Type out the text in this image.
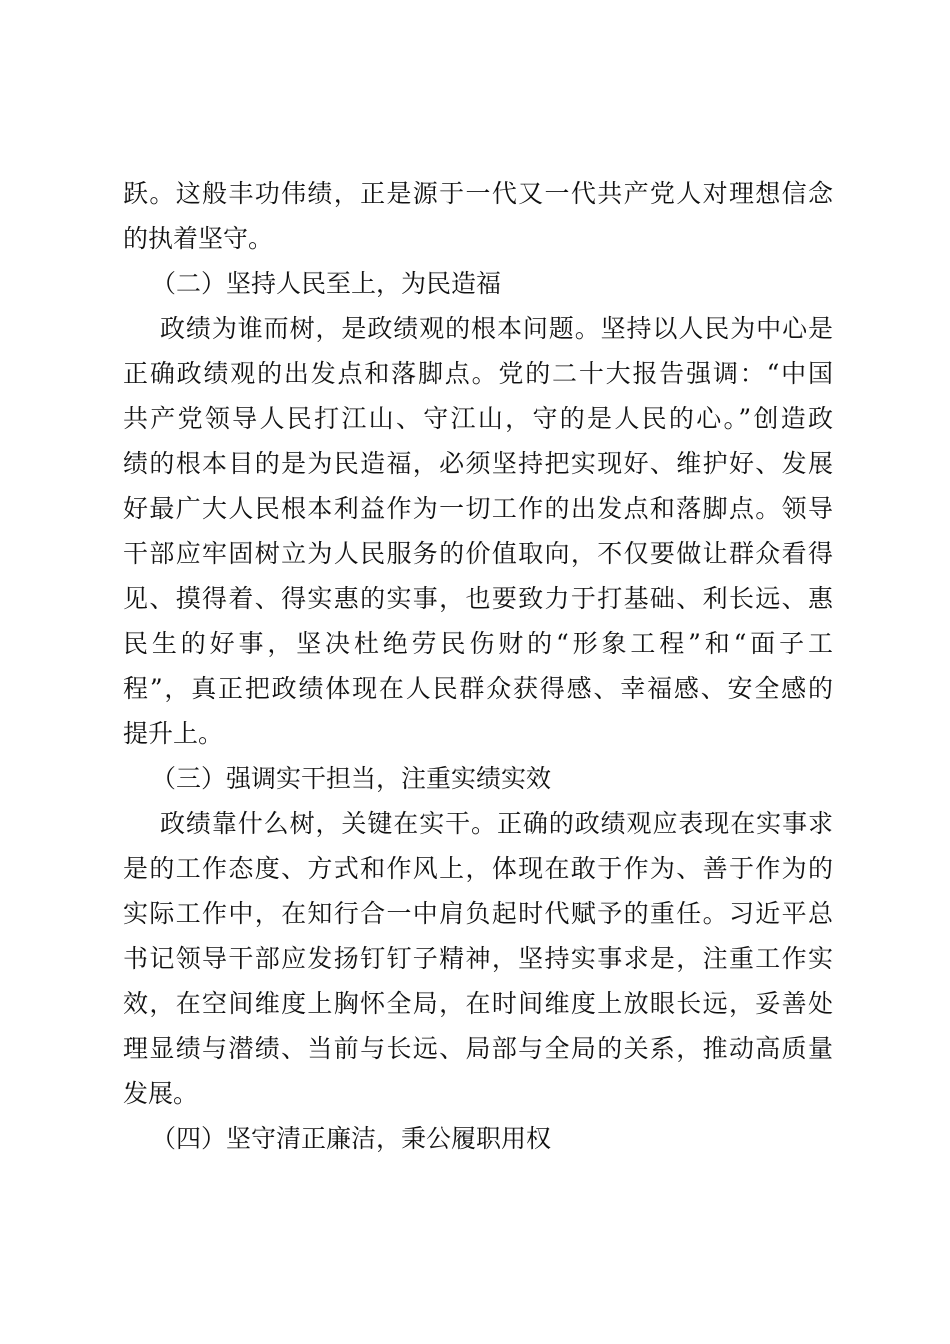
跃。这般丰功伟绩，正是源于一代又一代共产党人对理想信念
的执着坚守。
（二）坚持人民至上，为民造福
政绩为谁而树，是政绩观的根本问题。坚持以人民为中心是
正确政绩观的出发点和落脚点。党的二十大报告强调：“中国
共产党领导人民打江山、守江山，守的是人民的心。”创造政
绩的根本目的是为民造福，必须坚持把实现好、维护好、发展
好最广大人民根本利益作为一切工作的出发点和落脚点。领导
干部应牢固树立为人民服务的价值取向，不仅要做让群众看得
见、摸得着、得实惠的实事，也要致力于打基础、利长远、惠
民生的好事，坚决杜绝劳民伤财的“形象工程”和“面子工
程”，真正把政绩体现在人民群众获得感、幸福感、安全感的
提升上。
（三）强调实干担当，注重实绩实效
政绩靠什么树，关键在实干。正确的政绩观应表现在实事求
是的工作态度、方式和作风上，体现在敢于作为、善于作为的
实际工作中，在知行合一中肩负起时代赋予的重任。习近平总
书记领导干部应发扬钉钉子精神，坚持实事求是，注重工作实
效，在空间维度上胸怀全局，在时间维度上放眼长远，妥善处
理显绩与潜绩、当前与长远、局部与全局的关系，推动高质量
发展。
（四）坚守清正廉洁，秉公履职用权
